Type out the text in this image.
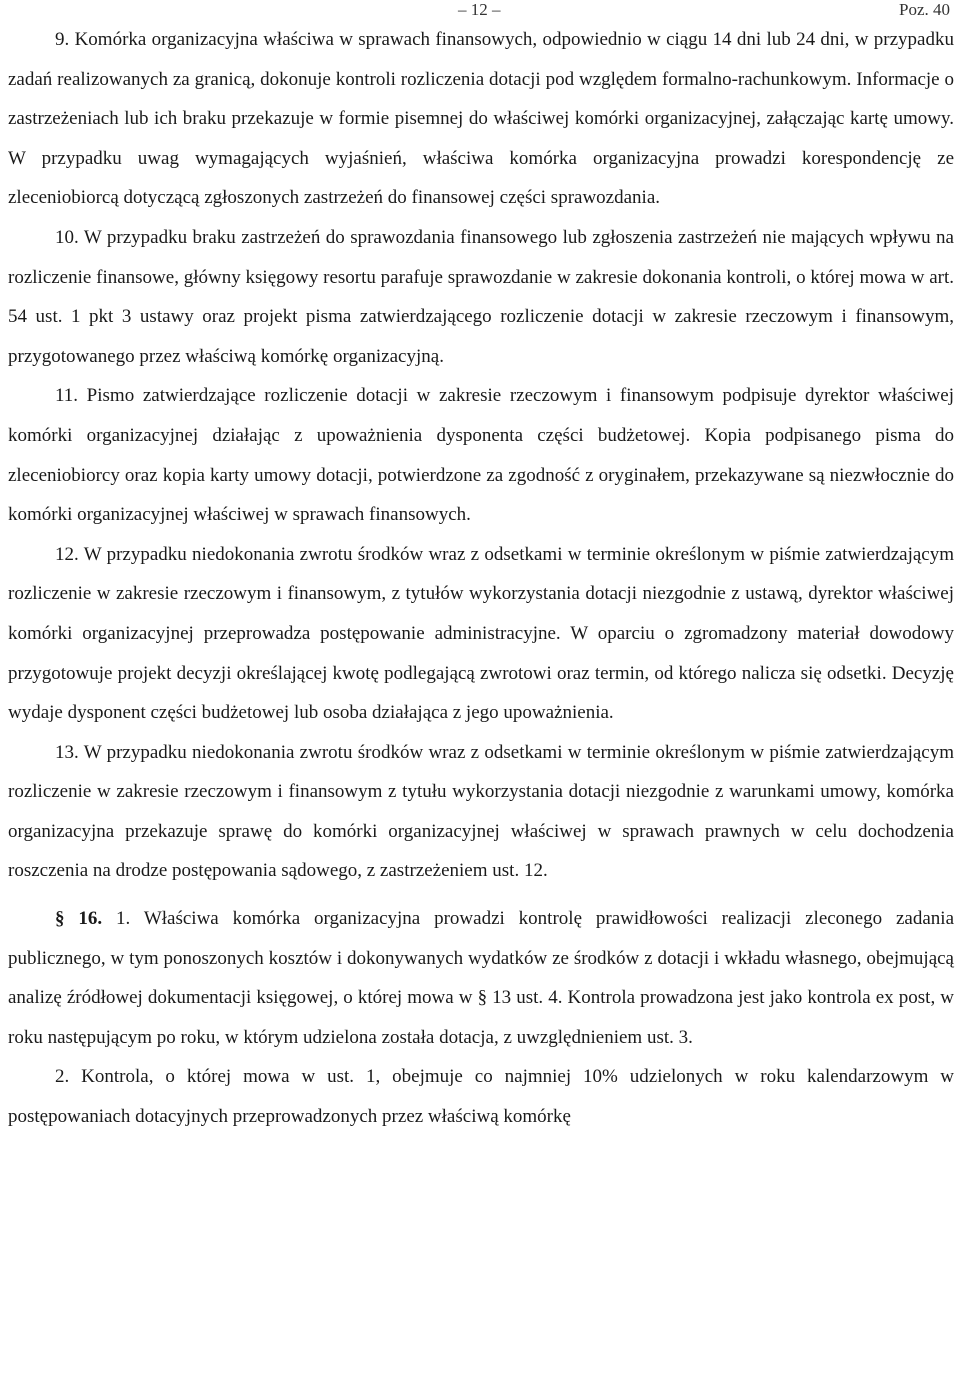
– 12 –	Poz. 40

9. Komórka organizacyjna właściwa w sprawach finansowych, odpowiednio w ciągu 14 dni lub 24 dni, w przypadku zadań realizowanych za granicą, dokonuje kontroli rozliczenia dotacji pod względem formalno-rachunkowym. Informacje o zastrzeżeniach lub ich braku przekazuje w formie pisemnej do właściwej komórki organizacyjnej, załączając kartę umowy. W przypadku uwag wymagających wyjaśnień, właściwa komórka organizacyjna prowadzi korespondencję ze zleceniobiorcą dotyczącą zgłoszonych zastrzeżeń do finansowej części sprawozdania.

10. W przypadku braku zastrzeżeń do sprawozdania finansowego lub zgłoszenia zastrzeżeń nie mających wpływu na rozliczenie finansowe, główny księgowy resortu parafuje sprawozdanie w zakresie dokonania kontroli, o której mowa w art. 54 ust. 1 pkt 3 ustawy oraz projekt pisma zatwierdzającego rozliczenie dotacji w zakresie rzeczowym i finansowym, przygotowanego przez właściwą komórkę organizacyjną.

11. Pismo zatwierdzające rozliczenie dotacji w zakresie rzeczowym i finansowym podpisuje dyrektor właściwej komórki organizacyjnej działając z upoważnienia dysponenta części budżetowej. Kopia podpisanego pisma do zleceniobiorcy oraz kopia karty umowy dotacji, potwierdzone za zgodność z oryginałem, przekazywane są niezwłocznie do komórki organizacyjnej właściwej w sprawach finansowych.

12. W przypadku niedokonania zwrotu środków wraz z odsetkami w terminie określonym w piśmie zatwierdzającym rozliczenie w zakresie rzeczowym i finansowym, z tytułów wykorzystania dotacji niezgodnie z ustawą, dyrektor właściwej komórki organizacyjnej przeprowadza postępowanie administracyjne. W oparciu o zgromadzony materiał dowodowy przygotowuje projekt decyzji określającej kwotę podlegającą zwrotowi oraz termin, od którego nalicza się odsetki. Decyzję wydaje dysponent części budżetowej lub osoba działająca z jego upoważnienia.

13. W przypadku niedokonania zwrotu środków wraz z odsetkami w terminie określonym w piśmie zatwierdzającym rozliczenie w zakresie rzeczowym i finansowym z tytułu wykorzystania dotacji niezgodnie z warunkami umowy, komórka organizacyjna przekazuje sprawę do komórki organizacyjnej właściwej w sprawach prawnych w celu dochodzenia roszczenia na drodze postępowania sądowego, z zastrzeżeniem ust. 12.

§ 16. 1. Właściwa komórka organizacyjna prowadzi kontrolę prawidłowości realizacji zleconego zadania publicznego, w tym ponoszonych kosztów i dokonywanych wydatków ze środków z dotacji i wkładu własnego, obejmującą analizę źródłowej dokumentacji księgowej, o której mowa w § 13 ust. 4. Kontrola prowadzona jest jako kontrola ex post, w roku następującym po roku, w którym udzielona została dotacja, z uwzględnieniem ust. 3.

2. Kontrola, o której mowa w ust. 1, obejmuje co najmniej 10% udzielonych w roku kalendarzowym w postępowaniach dotacyjnych przeprowadzonych przez właściwą komórkę
